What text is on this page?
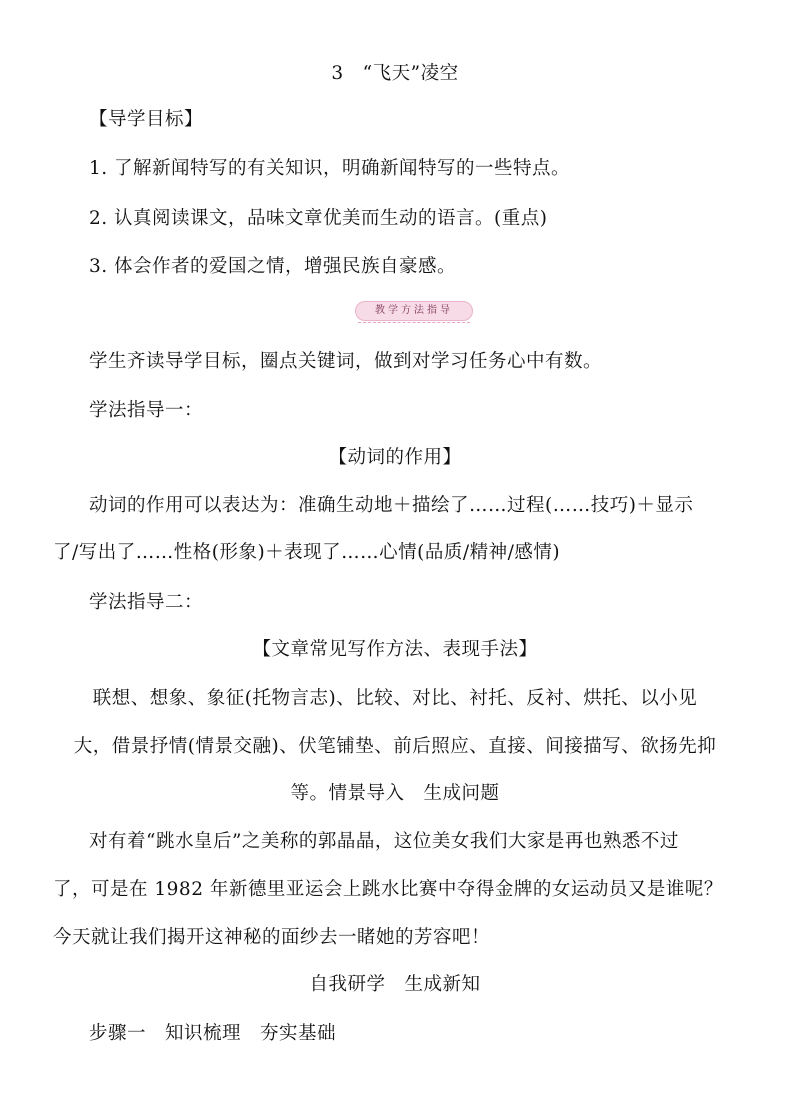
3　“飞天”凌空
【导学目标】
1. 了解新闻特写的有关知识，明确新闻特写的一些特点。
2. 认真阅读课文，品味文章优美而生动的语言。(重点)
3. 体会作者的爱国之情，增强民族自豪感。
教学方法指导
学生齐读导学目标，圈点关键词，做到对学习任务心中有数。
学法指导一：
【动词的作用】
动词的作用可以表达为：准确生动地＋描绘了……过程(……技巧)＋显示
了/写出了……性格(形象)＋表现了……心情(品质/精神/感情)
学法指导二：
【文章常见写作方法、表现手法】
联想、想象、象征(托物言志)、比较、对比、衬托、反衬、烘托、以小见
大，借景抒情(情景交融)、伏笔铺垫、前后照应、直接、间接描写、欲扬先抑
等。情景导入　生成问题
对有着“跳水皇后”之美称的郭晶晶，这位美女我们大家是再也熟悉不过
了，可是在 1982 年新德里亚运会上跳水比赛中夺得金牌的女运动员又是谁呢？
今天就让我们揭开这神秘的面纱去一睹她的芳容吧！
自我研学　生成新知
步骤一　知识梳理　夯实基础
